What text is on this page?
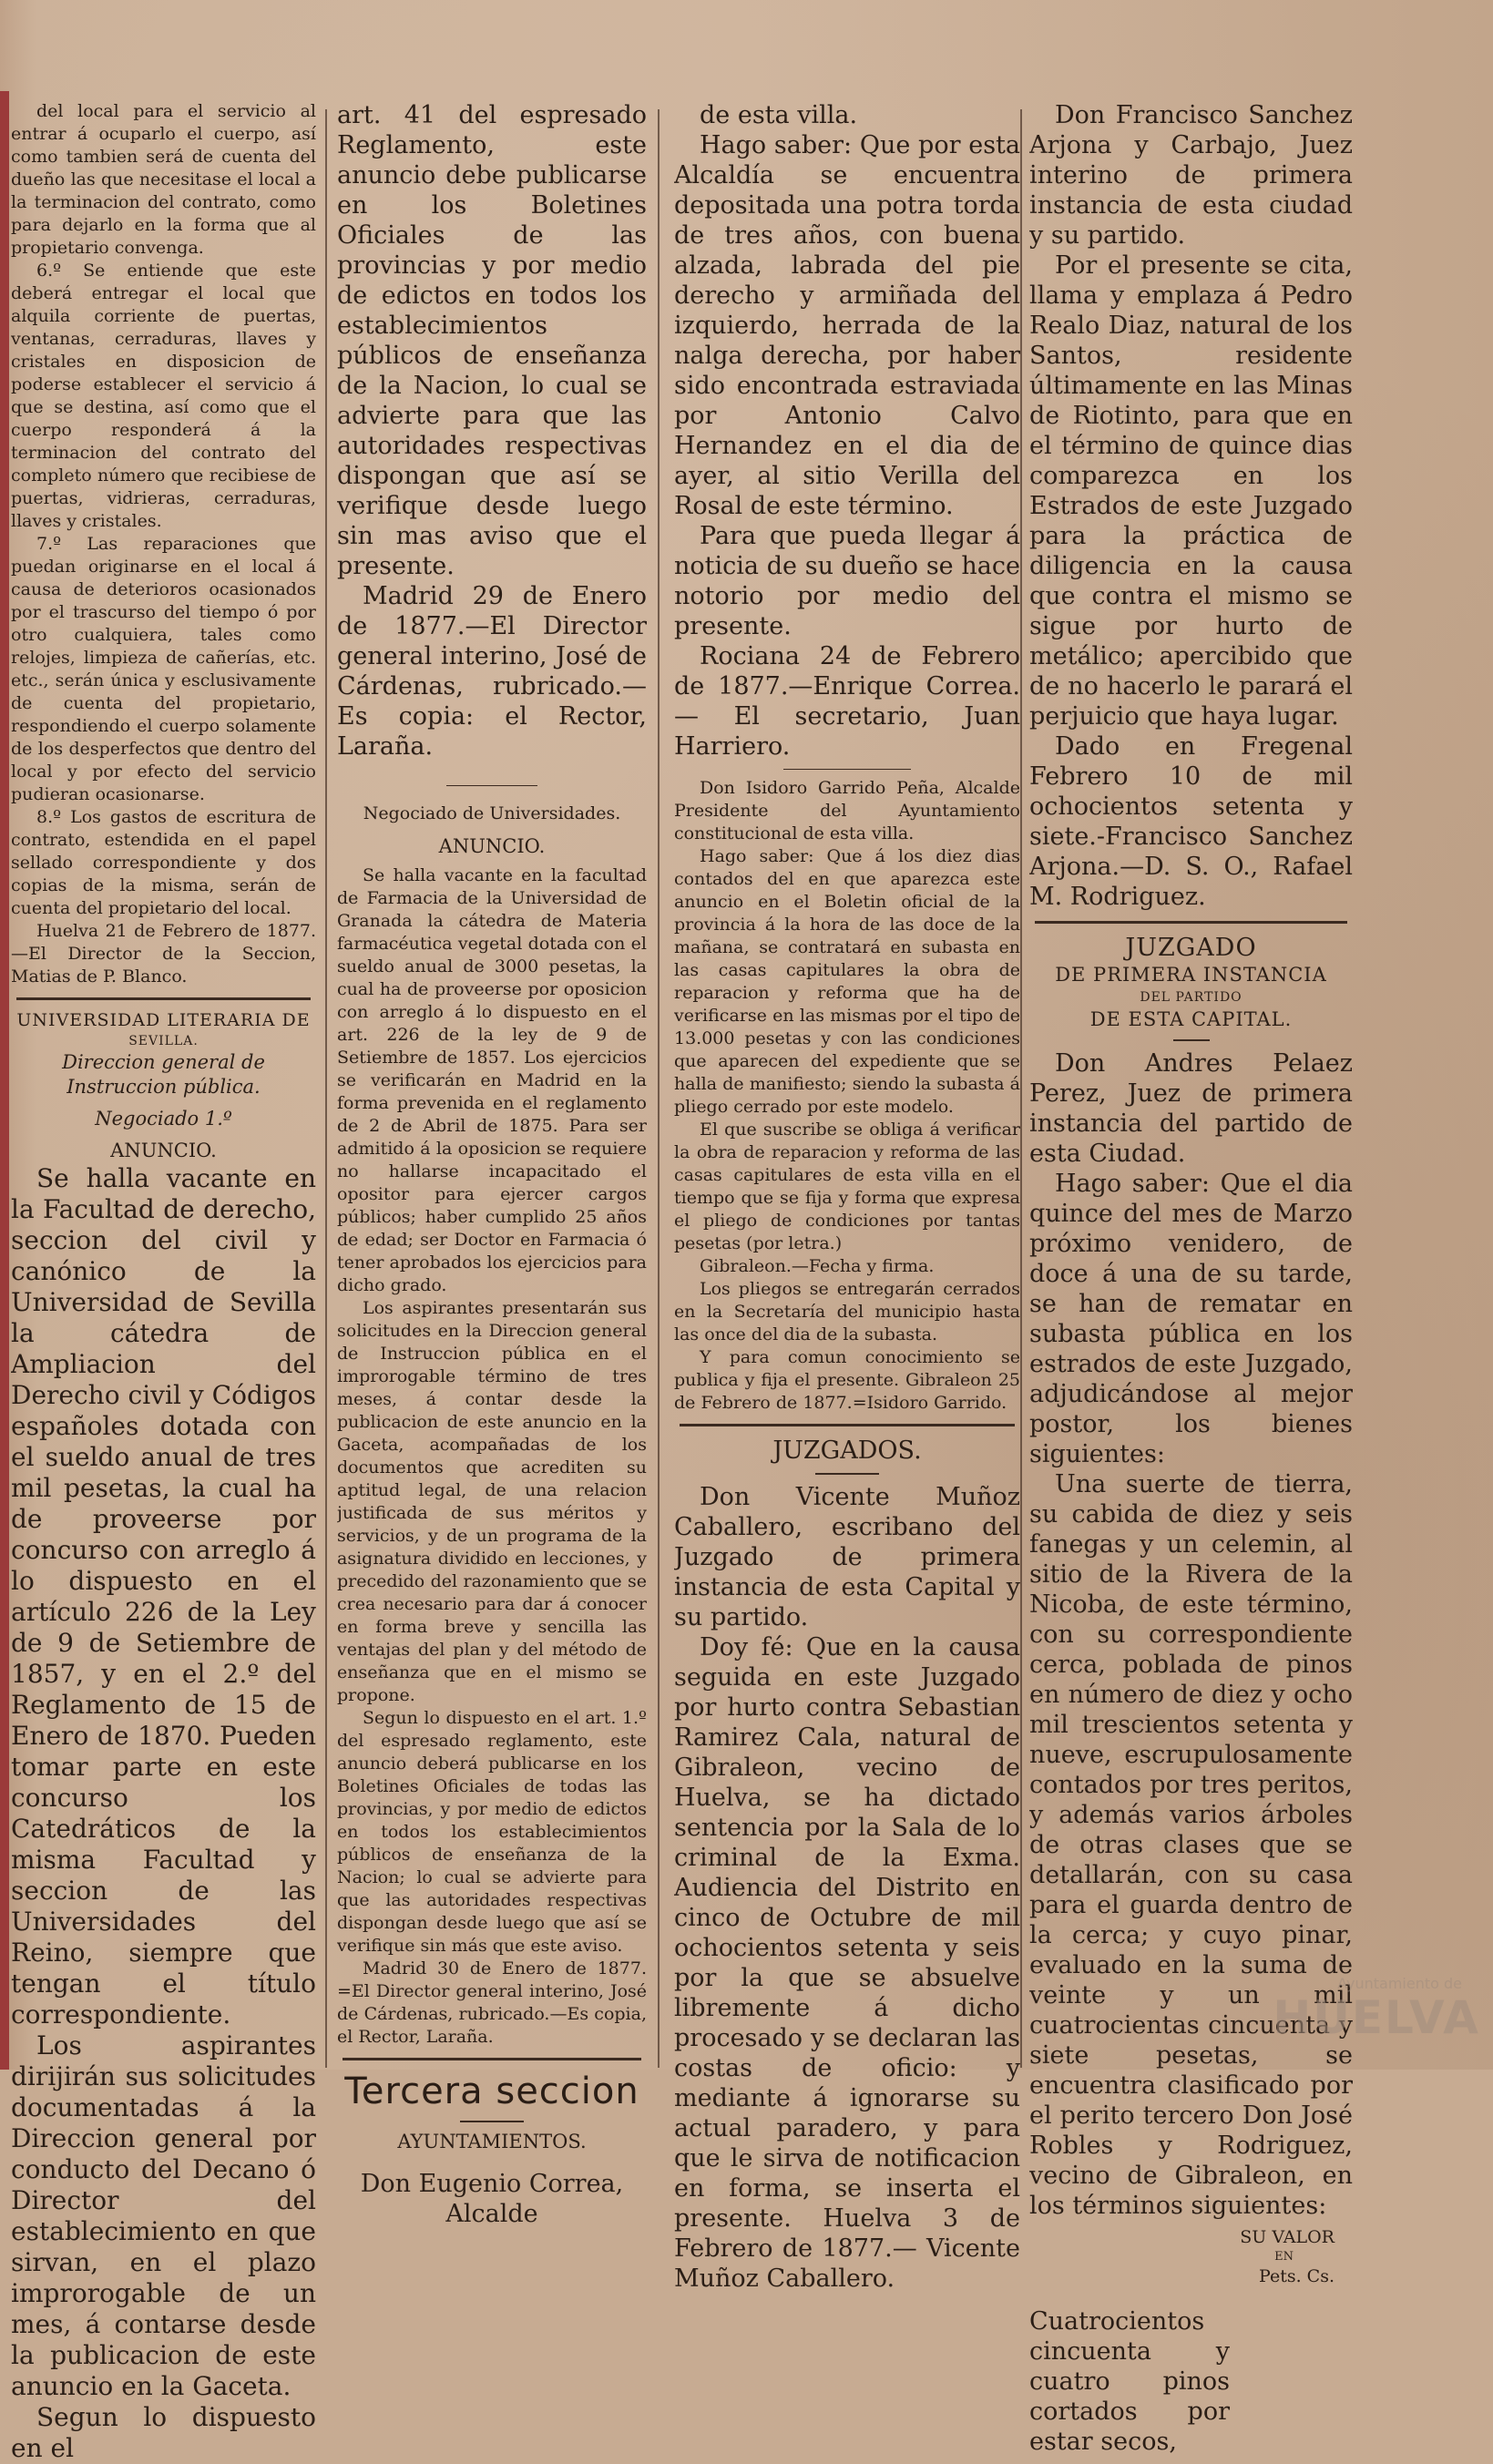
del local para el servicio al entrar á ocuparlo el cuerpo, así como tambien será de cuenta del dueño las que necesitase el local a la terminacion del contrato, como para dejarlo en la forma que al propietario convenga.

6.º Se entiende que este deberá entregar el local que alquila corriente de puertas, ventanas, cerraduras, llaves y cristales en disposicion de poderse establecer el servicio á que se destina, así como que el cuerpo responderá á la terminacion del contrato del completo número que recibiese de puertas, vidrieras, cerraduras, llaves y cristales.

7.º Las reparaciones que puedan originarse en el local á causa de deterioros ocasionados por el trascurso del tiempo ó por otro cualquiera, tales como relojes, limpieza de cañerías, etc. etc., serán única y esclusivamente de cuenta del propietario, respondiendo el cuerpo solamente de los desperfectos que dentro del local y por efecto del servicio pudieran ocasionarse.

8.º Los gastos de escritura de contrato, estendida en el papel sellado correspondiente y dos copias de la misma, serán de cuenta del propietario del local.

Huelva 21 de Febrero de 1877. —El Director de la Seccion, Matias de P. Blanco.

UNIVERSIDAD LITERARIA DE

SEVILLA.

Direccion general de Instruccion pública.

Negociado 1.º

ANUNCIO.

Se halla vacante en la Facultad de derecho, seccion del civil y canónico de la Universidad de Sevilla la cátedra de Ampliacion del Derecho civil y Códigos españoles dotada con el sueldo anual de tres mil pesetas, la cual ha de proveerse por concurso con arreglo á lo dispuesto en el artículo 226 de la Ley de 9 de Setiembre de 1857, y en el 2.º del Reglamento de 15 de Enero de 1870. Pueden tomar parte en este concurso los Catedráticos de la misma Facultad y seccion de las Universidades del Reino, siempre que tengan el título correspondiente.

Los aspirantes dirijirán sus solicitudes documentadas á la Direccion general por conducto del Decano ó Director del establecimiento en que sirvan, en el plazo improrogable de un mes, á contarse desde la publicacion de este anuncio en la Gaceta.

Segun lo dispuesto en el

art. 41 del espresado Reglamento, este anuncio debe publicarse en los Boletines Oficiales de las provincias y por medio de edictos en todos los establecimientos públicos de enseñanza de la Nacion, lo cual se advierte para que las autoridades respectivas dispongan que así se verifique desde luego sin mas aviso que el presente.

Madrid 29 de Enero de 1877.—El Director general interino, José de Cárdenas, rubricado.—Es copia: el Rector, Laraña.

Negociado de Universidades.

ANUNCIO.

Se halla vacante en la facultad de Farmacia de la Universidad de Granada la cátedra de Materia farmacéutica vegetal dotada con el sueldo anual de 3000 pesetas, la cual ha de proveerse por oposicion con arreglo á lo dispuesto en el art. 226 de la ley de 9 de Setiembre de 1857. Los ejercicios se verificarán en Madrid en la forma prevenida en el reglamento de 2 de Abril de 1875. Para ser admitido á la oposicion se requiere no hallarse incapacitado el opositor para ejercer cargos públicos; haber cumplido 25 años de edad; ser Doctor en Farmacia ó tener aprobados los ejercicios para dicho grado.

Los aspirantes presentarán sus solicitudes en la Direccion general de Instruccion pública en el improrogable término de tres meses, á contar desde la publicacion de este anuncio en la Gaceta, acompañadas de los documentos que acrediten su aptitud legal, de una relacion justificada de sus méritos y servicios, y de un programa de la asignatura dividido en lecciones, y precedido del razonamiento que se crea necesario para dar á conocer en forma breve y sencilla las ventajas del plan y del método de enseñanza que en el mismo se propone.

Segun lo dispuesto en el art. 1.º del espresado reglamento, este anuncio deberá publicarse en los Boletines Oficiales de todas las provincias, y por medio de edictos en todos los establecimientos públicos de enseñanza de la Nacion; lo cual se advierte para que las autoridades respectivas dispongan desde luego que así se verifique sin más que este aviso.

Madrid 30 de Enero de 1877. =El Director general interino, José de Cárdenas, rubricado.—Es copia, el Rector, Laraña.

Tercera seccion

AYUNTAMIENTOS.

Don Eugenio Correa, Alcalde

de esta villa.

Hago saber: Que por esta Alcaldía se encuentra depositada una potra torda de tres años, con buena alzada, labrada del pie derecho y armiñada del izquierdo, herrada de la nalga derecha, por haber sido encontrada estraviada por Antonio Calvo Hernandez en el dia de ayer, al sitio Verilla del Rosal de este término.

Para que pueda llegar á noticia de su dueño se hace notorio por medio del presente.

Rociana 24 de Febrero de 1877.—Enrique Correa.— El secretario, Juan Harriero.

Don Isidoro Garrido Peña, Alcalde Presidente del Ayuntamiento constitucional de esta villa.

Hago saber: Que á los diez dias contados del en que aparezca este anuncio en el Boletin oficial de la provincia á la hora de las doce de la mañana, se contratará en subasta en las casas capitulares la obra de reparacion y reforma que ha de verificarse en las mismas por el tipo de 13.000 pesetas y con las condiciones que aparecen del expediente que se halla de manifiesto; siendo la subasta á pliego cerrado por este modelo.

El que suscribe se obliga á verificar la obra de reparacion y reforma de las casas capitulares de esta villa en el tiempo que se fija y forma que expresa el pliego de condiciones por tantas pesetas (por letra.)

Gibraleon.—Fecha y firma.

Los pliegos se entregarán cerrados en la Secretaría del municipio hasta las once del dia de la subasta.

Y para comun conocimiento se publica y fija el presente. Gibraleon 25 de Febrero de 1877.=Isidoro Garrido.

JUZGADOS.

Don Vicente Muñoz Caballero, escribano del Juzgado de primera instancia de esta Capital y su partido.

Doy fé: Que en la causa seguida en este Juzgado por hurto contra Sebastian Ramirez Cala, natural de Gibraleon, vecino de Huelva, se ha dictado sentencia por la Sala de lo criminal de la Exma. Audiencia del Distrito en cinco de Octubre de mil ochocientos setenta y seis por la que se absuelve libremente á dicho procesado y se declaran las costas de oficio: y mediante á ignorarse su actual paradero, y para que le sirva de notificacion en forma, se inserta el presente. Huelva 3 de Febrero de 1877.— Vicente Muñoz Caballero.

Don Francisco Sanchez Arjona y Carbajo, Juez interino de primera instancia de esta ciudad y su partido.

Por el presente se cita, llama y emplaza á Pedro Realo Diaz, natural de los Santos, residente últimamente en las Minas de Riotinto, para que en el término de quince dias comparezca en los Estrados de este Juzgado para la práctica de diligencia en la causa que contra el mismo se sigue por hurto de metálico; apercibido que de no hacerlo le parará el perjuicio que haya lugar.

Dado en Fregenal Febrero 10 de mil ochocientos setenta y siete.-Francisco Sanchez Arjona.—D. S. O., Rafael M. Rodriguez.

JUZGADO

DE PRIMERA INSTANCIA

DEL PARTIDO

DE ESTA CAPITAL.

Don Andres Pelaez Perez, Juez de primera instancia del partido de esta Ciudad.

Hago saber: Que el dia quince del mes de Marzo próximo venidero, de doce á una de su tarde, se han de rematar en subasta pública en los estrados de este Juzgado, adjudicándose al mejor postor, los bienes siguientes:

Una suerte de tierra, su cabida de diez y seis fanegas y un celemin, al sitio de la Rivera de la Nicoba, de este término, con su correspondiente cerca, poblada de pinos en número de diez y ocho mil trescientos setenta y nueve, escrupulosamente contados por tres peritos, y además varios árboles de otras clases que se detallarán, con su casa para el guarda dentro de la cerca; y cuyo pinar, evaluado en la suma de veinte y un mil cuatrocientas cincuenta y siete pesetas, se encuentra clasificado por el perito tercero Don José Robles y Rodriguez, vecino de Gibraleon, en los términos siguientes:

SU VALOR
EN
Pets. Cs.

Cuatrocientos cincuenta y cuatro pinos cortados por estar secos,

Ayuntamiento de
HUELVA
